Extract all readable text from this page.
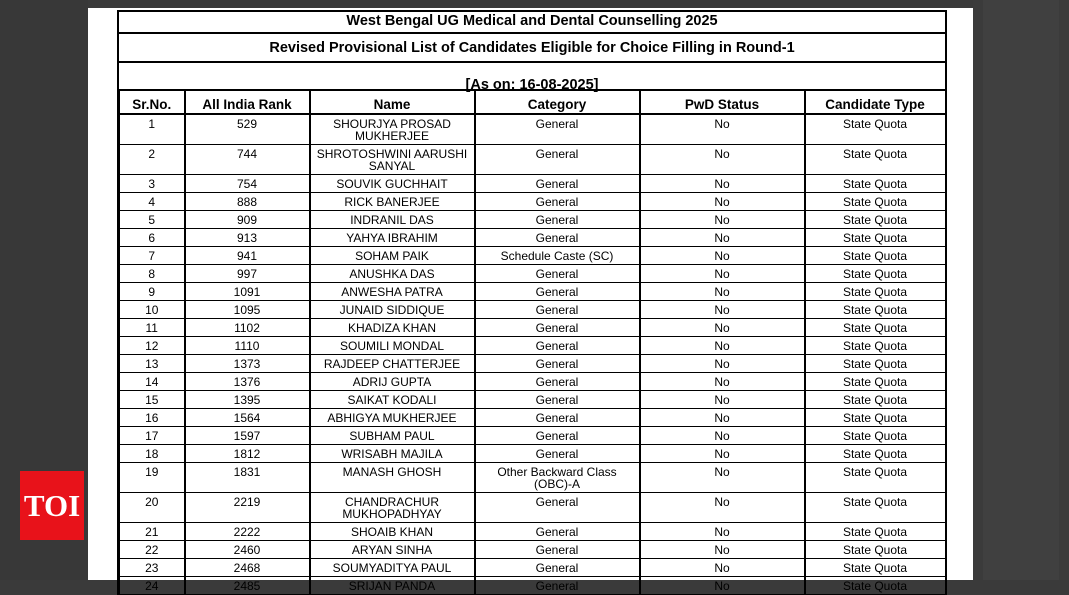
West Bengal UG Medical and Dental Counselling 2025
Revised Provisional List of Candidates Eligible for Choice Filling in Round-1
[As on: 16-08-2025]
Sr.No.	All India Rank	Name	Category	PwD Status	Candidate Type
1	529	SHOURJYA PROSAD MUKHERJEE	General	No	State Quota
2	744	SHROTOSHWINI AARUSHI SANYAL	General	No	State Quota
3	754	SOUVIK GUCHHAIT	General	No	State Quota
4	888	RICK BANERJEE	General	No	State Quota
5	909	INDRANIL DAS	General	No	State Quota
6	913	YAHYA IBRAHIM	General	No	State Quota
7	941	SOHAM PAIK	Schedule Caste (SC)	No	State Quota
8	997	ANUSHKA DAS	General	No	State Quota
9	1091	ANWESHA PATRA	General	No	State Quota
10	1095	JUNAID SIDDIQUE	General	No	State Quota
11	1102	KHADIZA KHAN	General	No	State Quota
12	1110	SOUMILI MONDAL	General	No	State Quota
13	1373	RAJDEEP CHATTERJEE	General	No	State Quota
14	1376	ADRIJ GUPTA	General	No	State Quota
15	1395	SAIKAT KODALI	General	No	State Quota
16	1564	ABHIGYA MUKHERJEE	General	No	State Quota
17	1597	SUBHAM PAUL	General	No	State Quota
18	1812	WRISABH MAJILA	General	No	State Quota
19	1831	MANASH GHOSH	Other Backward Class (OBC)-A	No	State Quota
20	2219	CHANDRACHUR MUKHOPADHYAY	General	No	State Quota
21	2222	SHOAIB KHAN	General	No	State Quota
22	2460	ARYAN SINHA	General	No	State Quota
23	2468	SOUMYADITYA PAUL	General	No	State Quota
24	2485	SRIJAN PANDA	General	No	State Quota
TOI
